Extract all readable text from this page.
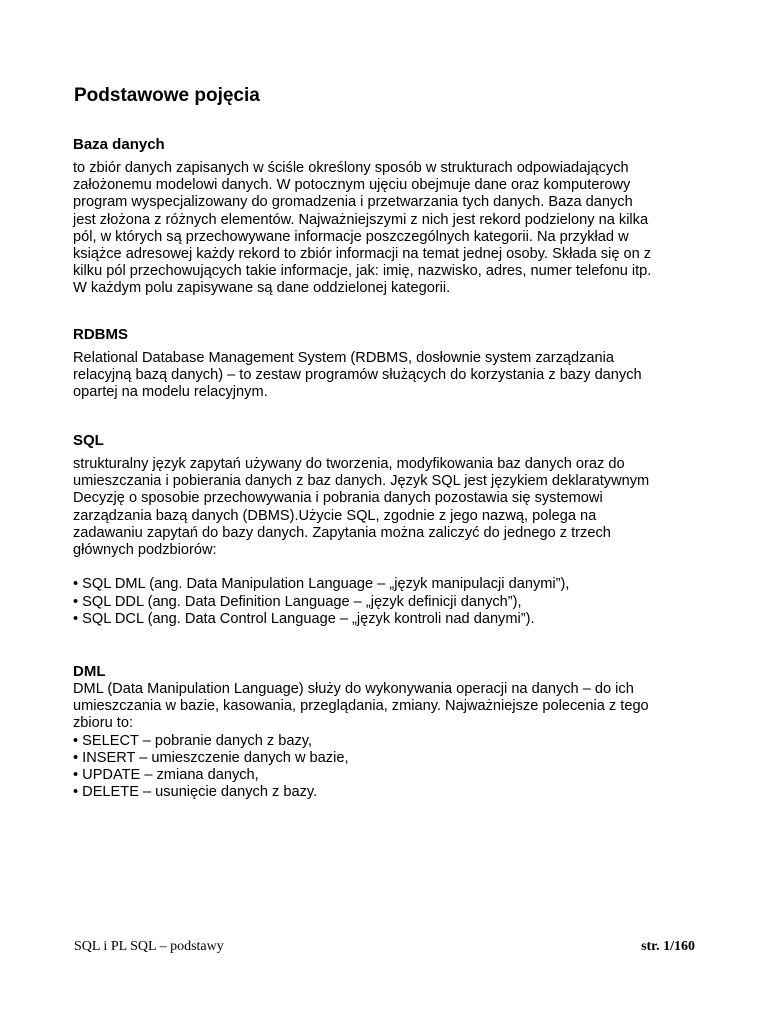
Podstawowe pojęcia
Baza danych
to zbiór danych zapisanych w ściśle określony sposób w strukturach odpowiadających
założonemu modelowi danych. W potocznym ujęciu obejmuje dane oraz komputerowy
program wyspecjalizowany do gromadzenia i przetwarzania tych danych. Baza danych
jest złożona z różnych elementów. Najważniejszymi z nich jest rekord podzielony na kilka
pól, w których są przechowywane informacje poszczególnych kategorii. Na przykład w
książce adresowej każdy rekord to zbiór informacji na temat jednej osoby. Składa się on z
kilku pól przechowujących takie informacje, jak: imię, nazwisko, adres, numer telefonu itp.
W każdym polu zapisywane są dane oddzielonej kategorii.
RDBMS
Relational Database Management System (RDBMS, dosłownie system zarządzania
relacyjną bazą danych) – to zestaw programów służących do korzystania z bazy danych
opartej na modelu relacyjnym.
SQL
strukturalny język zapytań używany do tworzenia, modyfikowania baz danych oraz do
umieszczania i pobierania danych z baz danych. Język SQL jest językiem deklaratywnym
Decyzję o sposobie przechowywania i pobrania danych pozostawia się systemowi
zarządzania bazą danych (DBMS).Użycie SQL, zgodnie z jego nazwą, polega na
zadawaniu zapytań do bazy danych. Zapytania można zaliczyć do jednego z trzech
głównych podzbiorów:
• SQL DML (ang. Data Manipulation Language – „język manipulacji danymi”),
• SQL DDL (ang. Data Definition Language – „język definicji danych”),
• SQL DCL (ang. Data Control Language – „język kontroli nad danymi”).
DML
DML (Data Manipulation Language) służy do wykonywania operacji na danych – do ich
umieszczania w bazie, kasowania, przeglądania, zmiany. Najważniejsze polecenia z tego
zbioru to:
• SELECT – pobranie danych z bazy,
• INSERT – umieszczenie danych w bazie,
• UPDATE – zmiana danych,
• DELETE – usunięcie danych z bazy.
SQL i PL SQL – podstawy	str. 1/160
